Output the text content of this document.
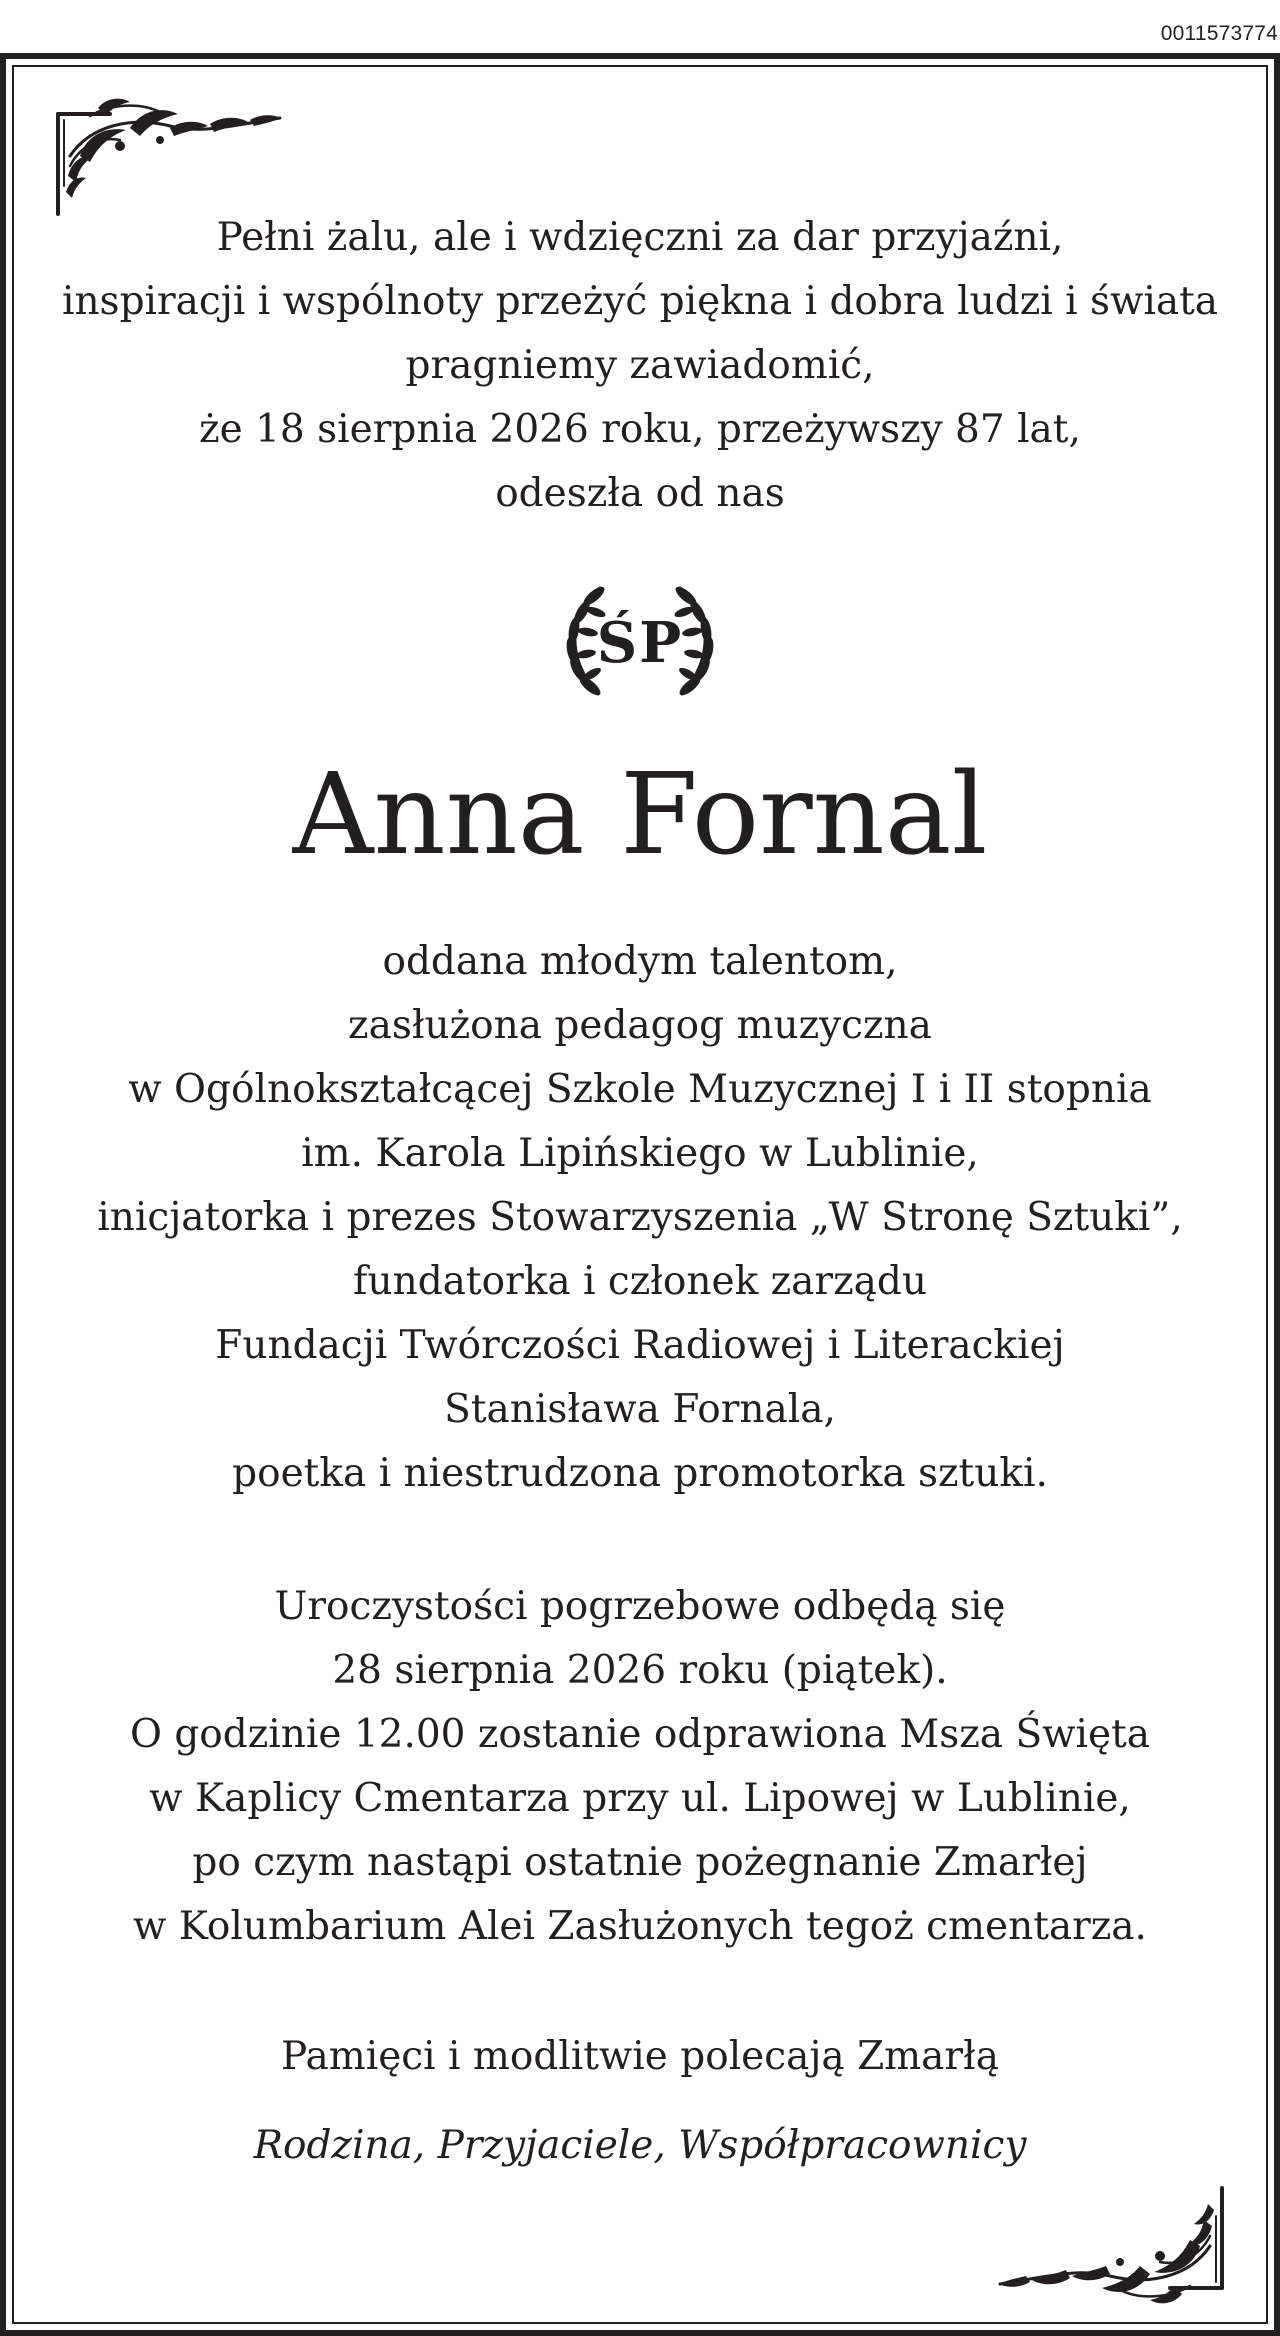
0011573774
Pełni żalu, ale i wdzięczni za dar przyjaźni,
inspiracji i wspólnoty przeżyć piękna i dobra ludzi i świata
pragniemy zawiadomić,
że 18 sierpnia 2026 roku, przeżywszy 87 lat,
odeszła od nas
ŚP
Anna Fornal
oddana młodym talentom,
zasłużona pedagog muzyczna
w Ogólnokształcącej Szkole Muzycznej I i II stopnia
im. Karola Lipińskiego w Lublinie,
inicjatorka i prezes Stowarzyszenia „W Stronę Sztuki”,
fundatorka i członek zarządu
Fundacji Twórczości Radiowej i Literackiej
Stanisława Fornala,
poetka i niestrudzona promotorka sztuki.
Uroczystości pogrzebowe odbędą się
28 sierpnia 2026 roku (piątek).
O godzinie 12.00 zostanie odprawiona Msza Święta
w Kaplicy Cmentarza przy ul. Lipowej w Lublinie,
po czym nastąpi ostatnie pożegnanie Zmarłej
w Kolumbarium Alei Zasłużonych tegoż cmentarza.
Pamięci i modlitwie polecają Zmarłą
Rodzina, Przyjaciele, Współpracownicy
